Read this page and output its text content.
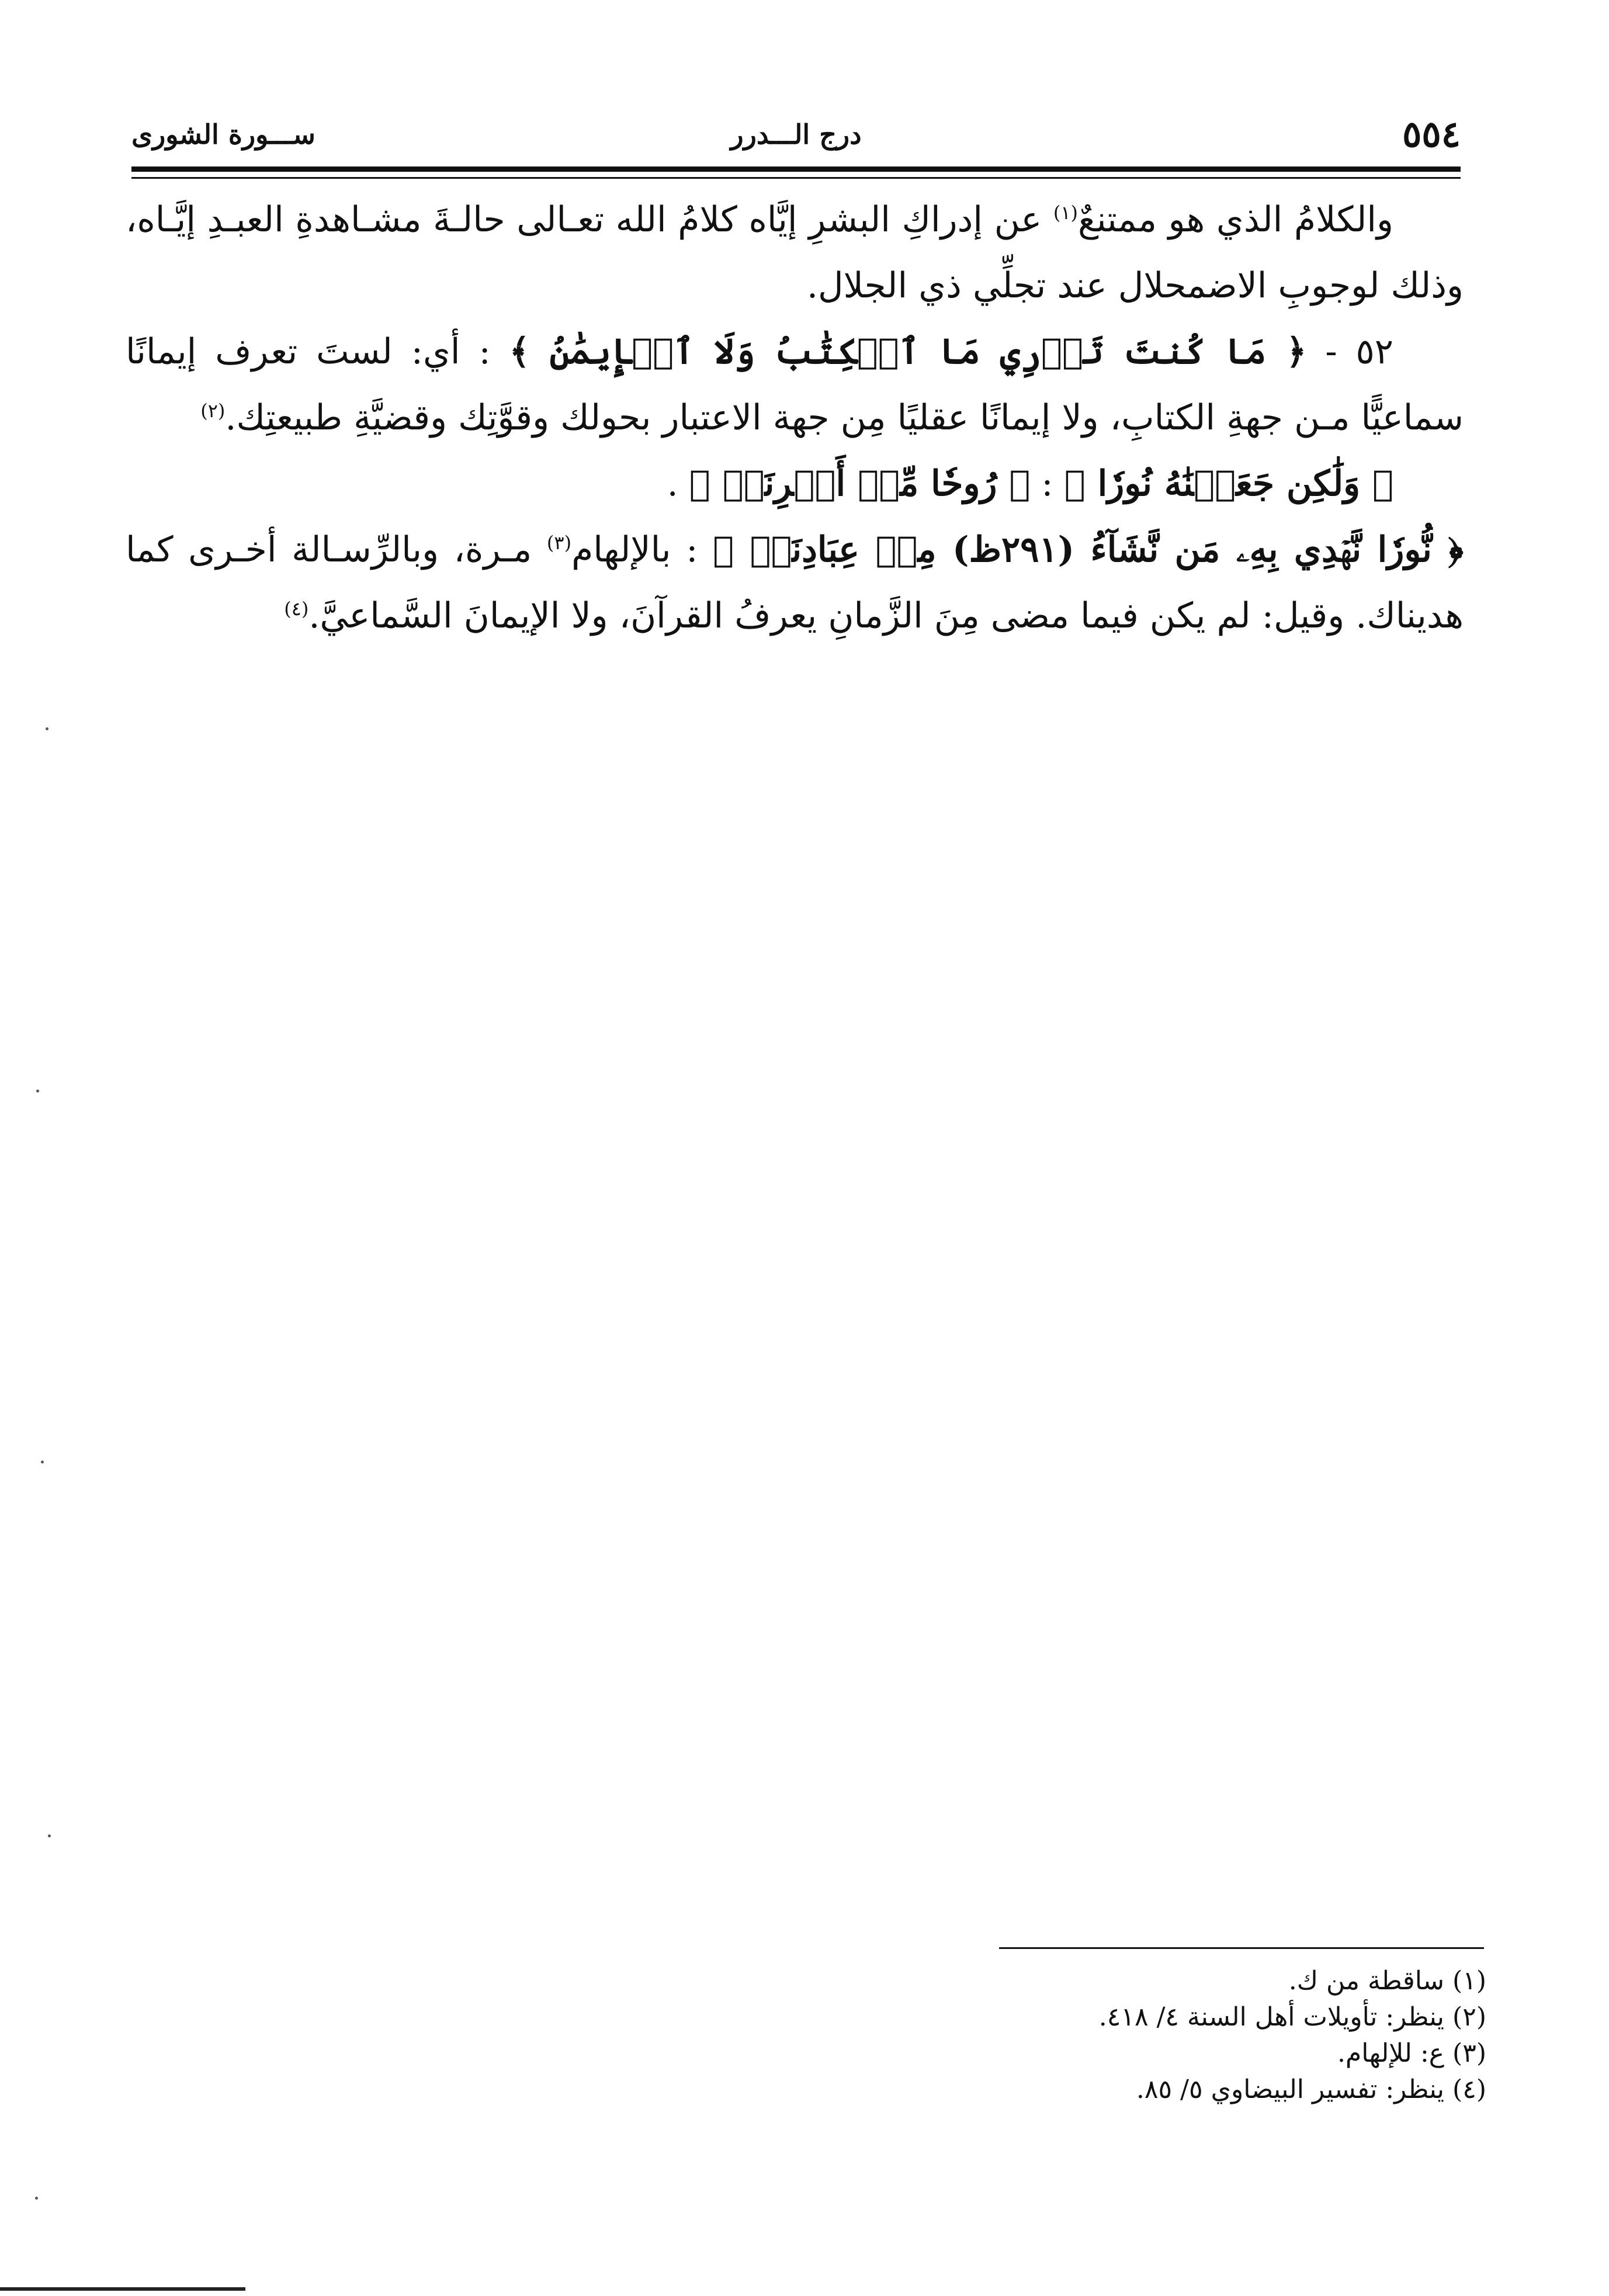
٥٥٤
درج الـــدرر
ســـورة الشورى

والكلامُ الذي هو ممتنعٌ$^{(١)}$ عن إدراكِ البشرِ إيَّاه كلامُ الله تعـالى حالـةَ مشـاهدةِ العبـدِ إيَّـاه، وذلك لوجوبِ الاضمحلال عند تجلِّي ذي الجلال.

٥٢ - ﴿ مَا كُنتَ تَدۡرِي مَا ٱلۡكِتَٰبُ وَلَا ٱلۡإِيمَٰنُ ﴾ : أي: لستَ تعرف إيمانًا سماعيًّا مـن جهةِ الكتابِ، ولا إيمانًا عقليًا مِن جهة الاعتبار بحولك وقوَّتِك وقضيَّةِ طبيعتِك.$^{(٢)}$

﴿ وَلَٰكِن جَعَلۡنَٰهُ نُورٗا ﴾ : ﴿ رُوحٗا مِّنۡ أَمۡرِنَاۚ ﴾ .

﴿ نُّورٗا نَّهۡدِي بِهِۦ مَن نَّشَآءُ (٢٩١ظ) مِنۡ عِبَادِنَاۚ ﴾ : بالإلهام$^{(٣)}$ مـرة، وبالرِّسـالة أخـرى كما هديناك. وقيل: لم يكن فيما مضى مِنَ الزَّمانِ يعرفُ القرآنَ، ولا الإيمانَ السَّماعيَّ.$^{(٤)}$

(١) ساقطة من ك.
(٢) ينظر: تأويلات أهل السنة ٤/ ٤١٨.
(٣) ع: للإلهام.
(٤) ينظر: تفسير البيضاوي ٥/ ٨٥.
